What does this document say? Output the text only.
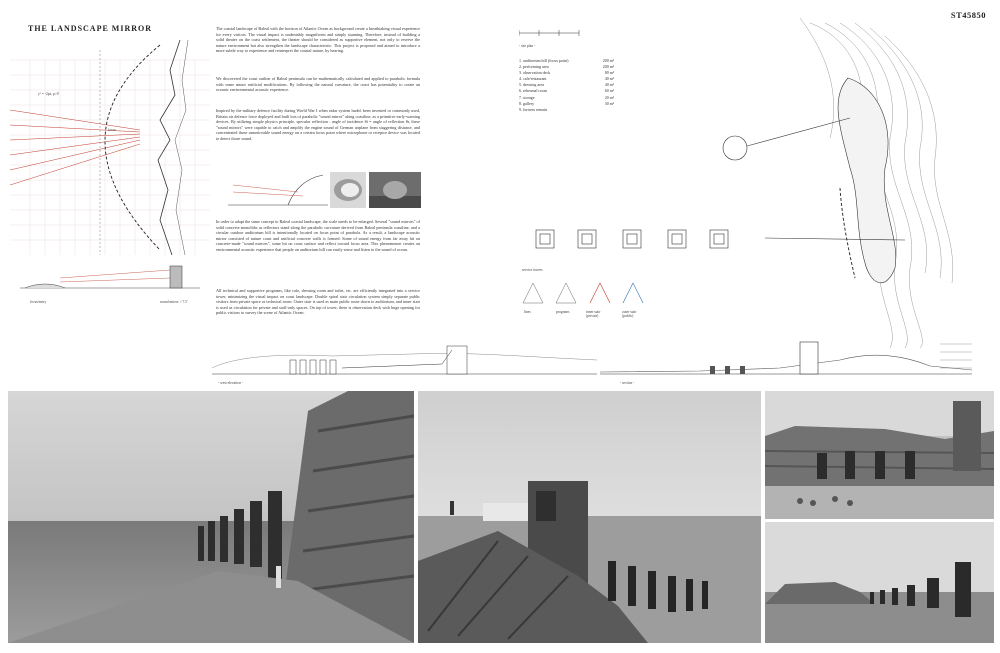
THE LANDSCAPE MIRROR
ST45850
y² = -2px, p>0
focus
focus/entry	sound mirror > 7.5'
The coastal landscape of Baleal with the horizon of Atlantic Ocean as background create a breathtaking visual experience for every visitors. The visual impact is undeniably magnificent and simply stunning. Therefore, instead of building a solid theater on the coast settlement, the theater should be considered as supportive element, not only to reserve the nature environment but also strengthen the landscape characteristic. This project is proposed and aimed to introduce a more subtle way to experience and reinterpret the coastal nature, by hearing.
We discovered the coast outline of Baleal peninsula can be mathematically calculated and applied to parabolic formula with some minor artificial modifications. By following the natural curvature, the coast has potentiality to create an oceanic environmental acoustic experience.
Inspired by the military defence facility during World War I when radar system hadn't been invented or commonly used, Britain air defence force deployed and built lots of parabolic "sound mirror" along coastline, as a primitive early-warning devices. By utilizing simple physics principle, specular reflection : angle of incidence θi = angle of reflection θr, these "sound mirrors" were capable to catch and amplify the engine sound of German airplane from staggering distance, and concentrated those unnoticeable sound energy on a certain focus point where microphone or receptor device was located to detect those sound.
In order to adapt the same concept to Baleal coastal landscape, the scale needs to be enlarged. Several "sound mirrors" of solid concrete monoliths as reflectors stand along the parabolic curvature derived from Baleal peninsula coastline, and a circular outdoor auditorium hill is intentionally located on focus point of parabola. As a result, a landscape acoustic mirror consisted of nature coast and artificial concrete walls is formed. Some of sound energy from far away hit on concrete-made "sound mirrors", some hit on coast surface and reflect toward focus area. This phenomenon creates an environmental acoustic experience that people on auditorium hill can easily sense and listen to the sound of ocean.
All technical and supportive programs, like cafe, dressing room and toilet, etc. are efficiently integrated into a service tower, minimizing the visual impact on coast landscape. Double spiral stair circulation system simply separate public visitors from private space or technical room. Outer stair is used as main public route down to auditorium, and inner stair is used as circulation for private and staff-only spaces. On top of tower, there is observation deck with huge opening for public visitors to survey the scene of Atlantic Ocean.
- site plan -
1. auditorium hill (focus point)	200 m²
2. performing area	200 m²
3. observation deck	80 m²
4. cafe/restaurant	40 m²
5. dressing area	40 m²
6. rehearsal room	60 m²
7. storage	20 m²
8. gallery	30 m²
9. fortress remain
service towers
lines	programs	inner stair (private)
outer stair (public)
- west elevation -	- section -
